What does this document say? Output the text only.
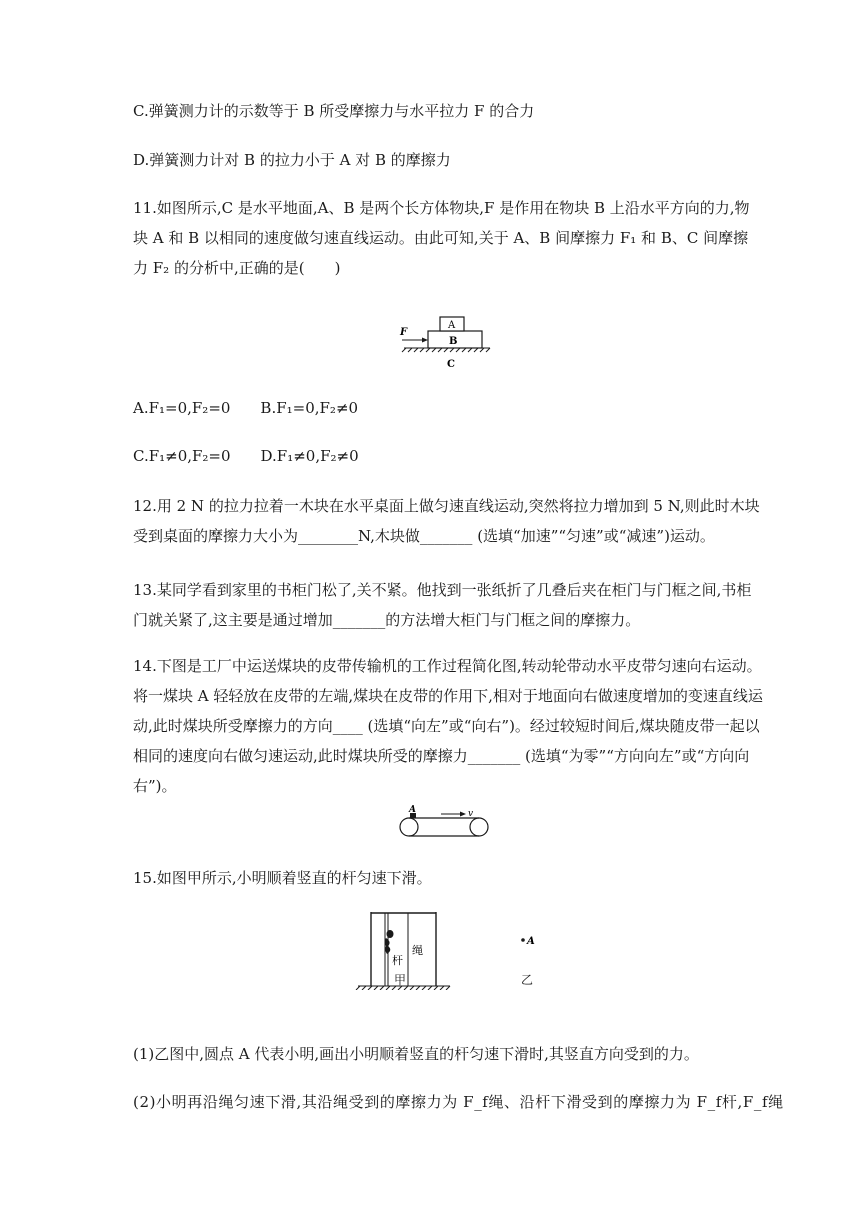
C.弹簧测力计的示数等于 B 所受摩擦力与水平拉力 F 的合力
D.弹簧测力计对 B 的拉力小于 A 对 B 的摩擦力
11.如图所示,C 是水平地面,A、B 是两个长方体物块,F 是作用在物块 B 上沿水平方向的力,物块 A 和 B 以相同的速度做匀速直线运动。由此可知,关于 A、B 间摩擦力 F₁ 和 B、C 间摩擦力 F₂ 的分析中,正确的是(　　)
F
A
B
C
A.F₁=0,F₂=0　　B.F₁=0,F₂≠0
C.F₁≠0,F₂=0　　D.F₁≠0,F₂≠0
12.用 2 N 的拉力拉着一木块在水平桌面上做匀速直线运动,突然将拉力增加到 5 N,则此时木块受到桌面的摩擦力大小为________N,木块做_______ (选填“加速”“匀速”或“减速”)运动。
13.某同学看到家里的书柜门松了,关不紧。他找到一张纸折了几叠后夹在柜门与门框之间,书柜门就关紧了,这主要是通过增加_______的方法增大柜门与门框之间的摩擦力。
14.下图是工厂中运送煤块的皮带传输机的工作过程简化图,转动轮带动水平皮带匀速向右运动。将一煤块 A 轻轻放在皮带的左端,煤块在皮带的作用下,相对于地面向右做速度增加的变速直线运动,此时煤块所受摩擦力的方向____ (选填“向左”或“向右”)。经过较短时间后,煤块随皮带一起以相同的速度向右做匀速运动,此时煤块所受的摩擦力_______ (选填“为零”“方向向左”或“方向向右”)。
A	v
15.如图甲所示,小明顺着竖直的杆匀速下滑。
杆
绳
A
甲	乙
(1)乙图中,圆点 A 代表小明,画出小明顺着竖直的杆匀速下滑时,其竖直方向受到的力。
(2)小明再沿绳匀速下滑,其沿绳受到的摩擦力为 F_f绳、沿杆下滑受到的摩擦力为 F_f杆,F_f绳
